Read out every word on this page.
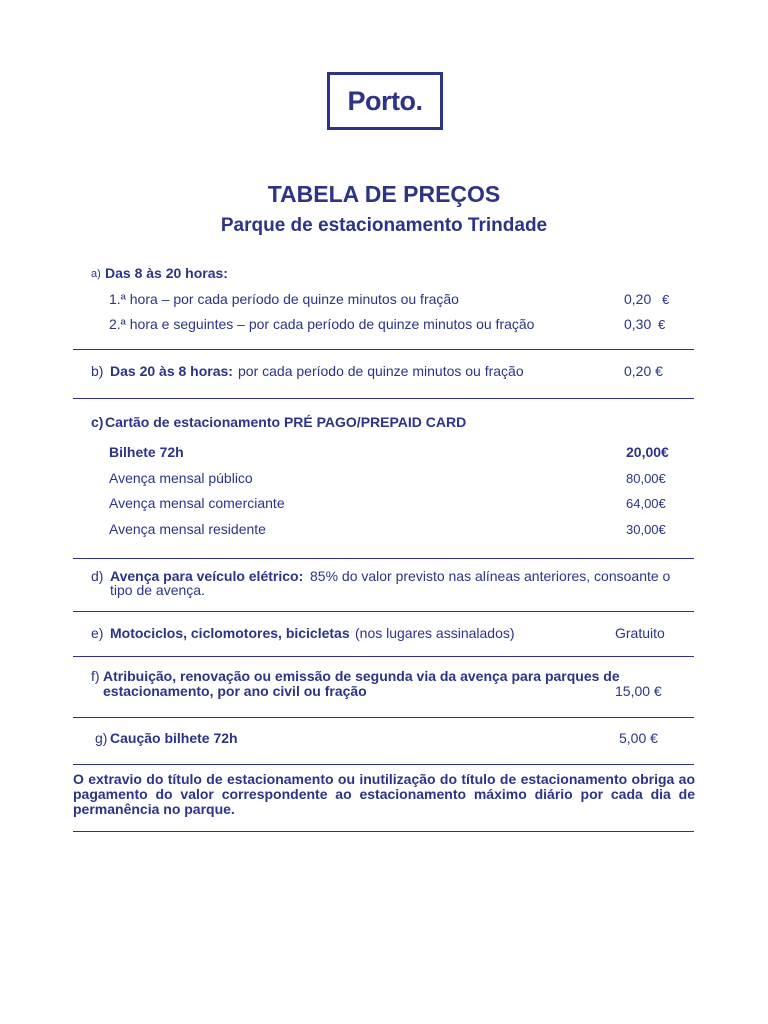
Porto.
TABELA DE PREÇOS
Parque de estacionamento Trindade
a) Das 8 às 20 horas:
1.ª hora – por cada período de quinze minutos ou fração	0,20 €
2.ª hora e seguintes – por cada período de quinze minutos ou fração	0,30 €
b) Das 20 às 8 horas: por cada período de quinze minutos ou fração	0,20 €
c) Cartão de estacionamento PRÉ PAGO/PREPAID CARD
Bilhete 72h	20,00€
Avença mensal público	80,00€
Avença mensal comerciante	64,00€
Avença mensal residente	30,00€
d) Avença para veículo elétrico: 85% do valor previsto nas alíneas anteriores, consoante o
tipo de avença.
e) Motociclos, ciclomotores, bicicletas (nos lugares assinalados)	Gratuito
f) Atribuição, renovação ou emissão de segunda via da avença para parques de
estacionamento, por ano civil ou fração	15,00 €
g) Caução bilhete 72h	5,00 €
O extravio do título de estacionamento ou inutilização do título de estacionamento obriga ao pagamento do valor correspondente ao estacionamento máximo diário por cada dia de permanência no parque.
